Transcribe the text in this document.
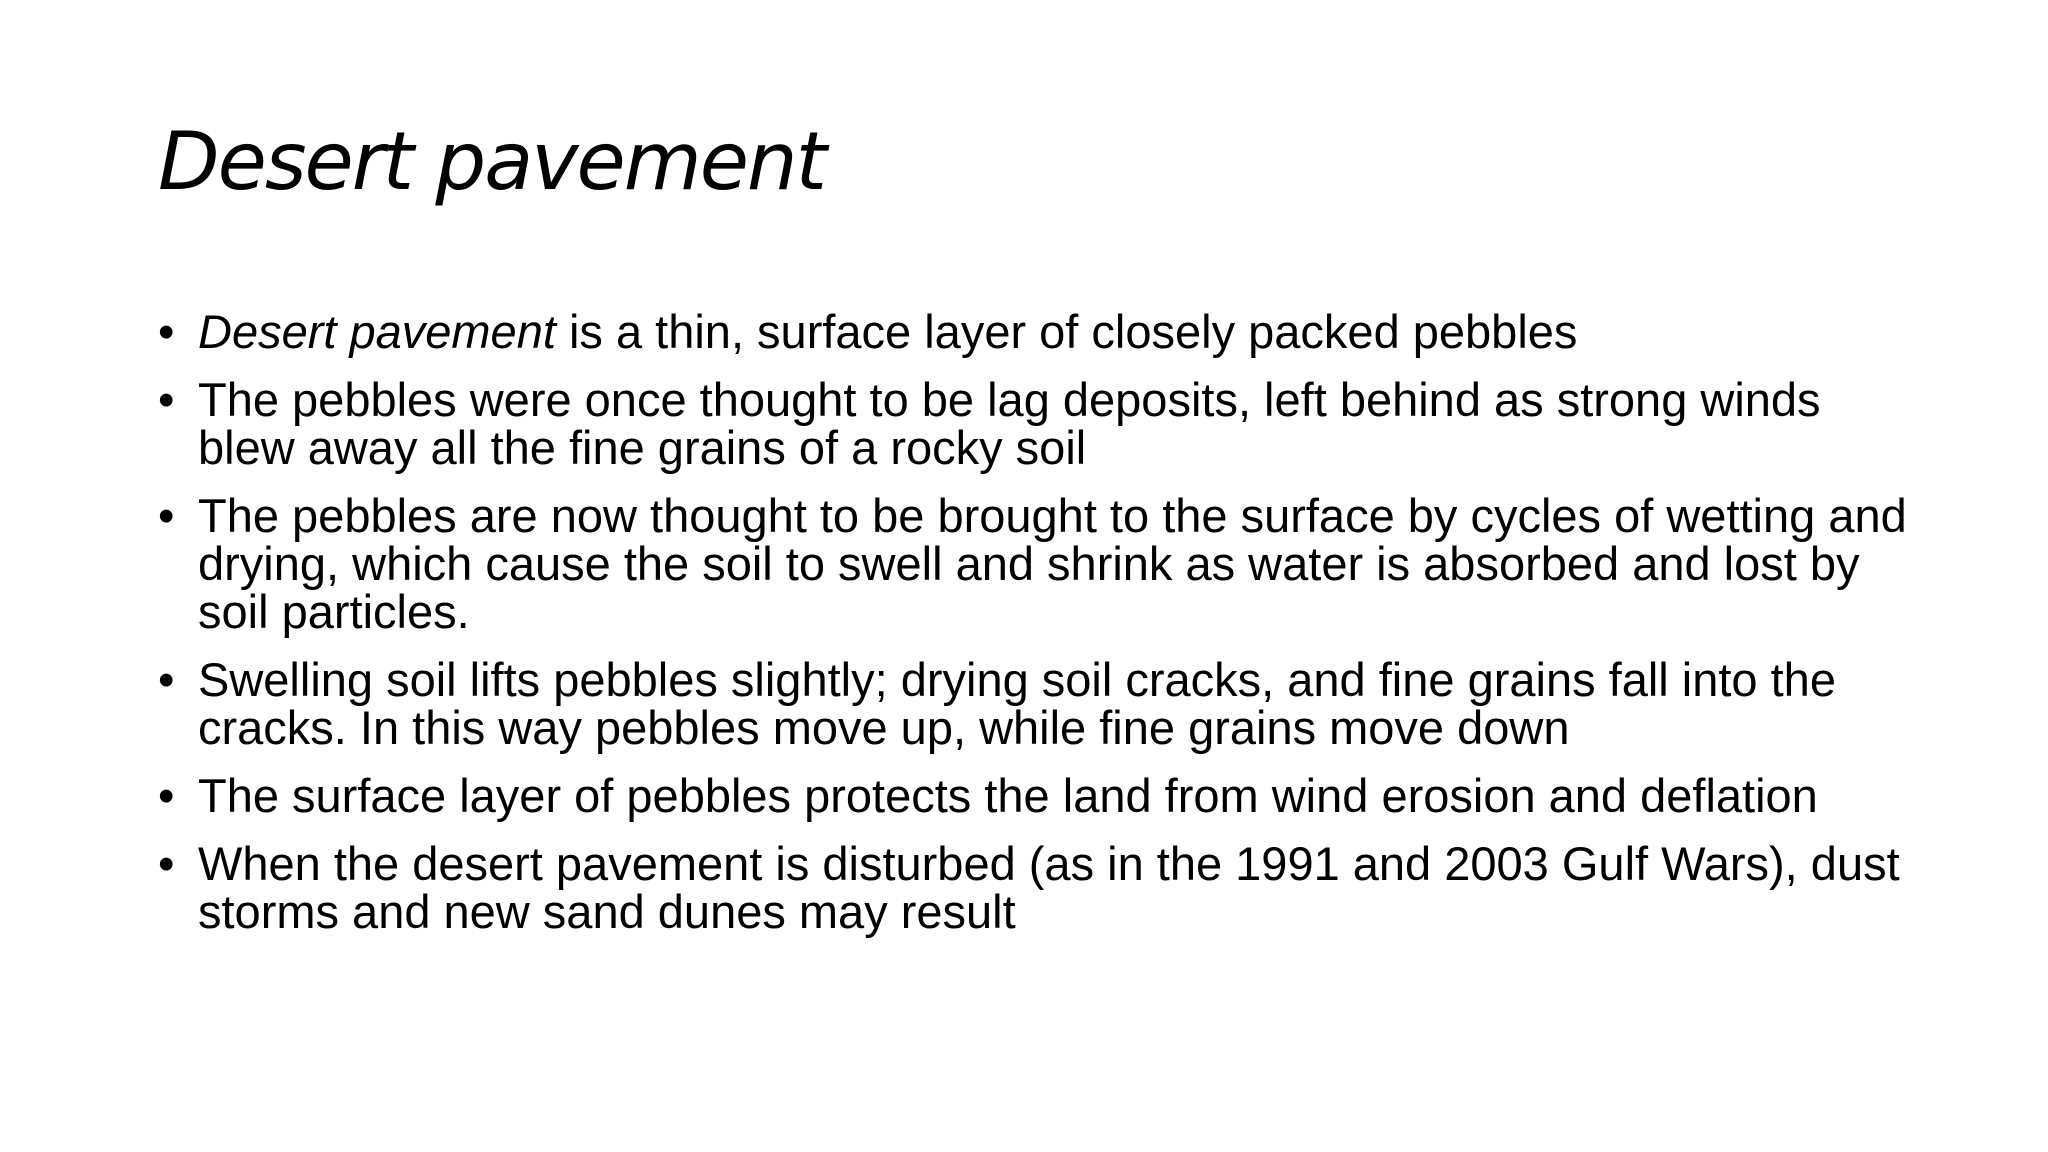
Desert pavement
• Desert pavement is a thin, surface layer of closely packed pebbles
• The pebbles were once thought to be lag deposits, left behind as strong winds blew away all the fine grains of a rocky soil
• The pebbles are now thought to be brought to the surface by cycles of wetting and drying, which cause the soil to swell and shrink as water is absorbed and lost by soil particles.
• Swelling soil lifts pebbles slightly; drying soil cracks, and fine grains fall into the cracks. In this way pebbles move up, while fine grains move down
• The surface layer of pebbles protects the land from wind erosion and deflation
• When the desert pavement is disturbed (as in the 1991 and 2003 Gulf Wars), dust storms and new sand dunes may result
